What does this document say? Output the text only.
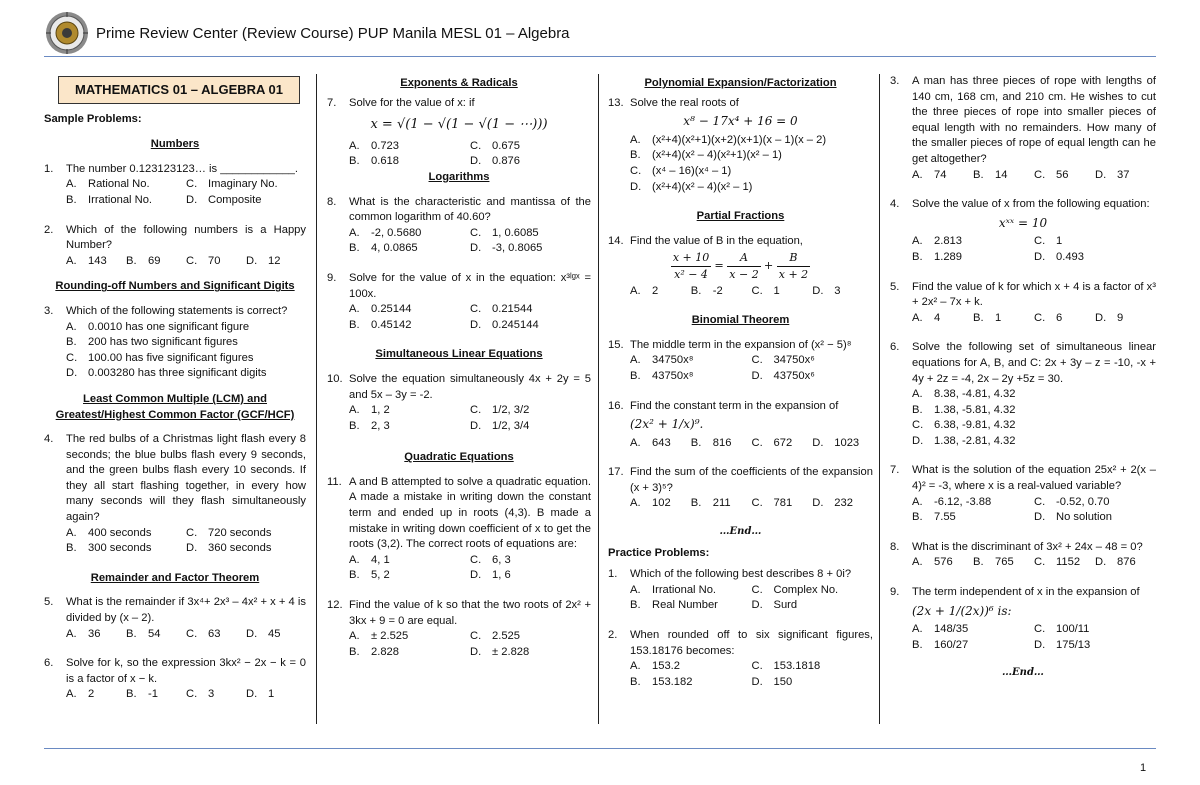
Prime Review Center (Review Course) PUP Manila MESL 01 – Algebra
MATHEMATICS 01 – ALGEBRA 01
Sample Problems:
Numbers
1.	The number 0.123123123… is ____________.
A.	Rational No.	C. Imaginary No.
B.	Irrational No.	D. Composite
2.	Which of the following numbers is a Happy Number?
A.	143	B.	69	C. 70	D. 12
Rounding-off Numbers and Significant Digits
3.	Which of the following statements is correct?
A.	0.0010 has one significant figure
B.	200 has two significant figures
C. 100.00 has five significant figures
D. 0.003280 has three significant digits
Least Common Multiple (LCM) and
Greatest/Highest Common Factor (GCF/HCF)
4.	The red bulbs of a Christmas light flash every 8 seconds; the blue bulbs flash every 9 seconds, and the green bulbs flash every 10 seconds. If they all start flashing together, in every how many seconds will they flash simultaneously again?
A.	400 seconds	C. 720 seconds
B.	300 seconds	D. 360 seconds
Remainder and Factor Theorem
5.	What is the remainder if 3x⁴+ 2x³ – 4x² + x + 4 is divided by (x – 2).
A.	36	B.	54	C. 63	D. 45
6.	Solve for k, so the expression 3kx² − 2x − k = 0 is a factor of x − k.
A.	2	B.	-1	C. 3	D. 1
Exponents & Radicals
7.	Solve for the value of x: if
x = √(1 − √(1 − √(1 − ⋯)))
A.	0.723	C. 0.675
B.	0.618	D. 0.876
Logarithms
8.	What is the characteristic and mantissa of the common logarithm of 40.60?
A.	-2, 0.5680	C. 1, 0.6085
B.	4, 0.0865	D. -3, 0.8065
9.	Solve for the value of x in the equation: x³ˡᵍˣ = 100x.
A.	0.25144	C. 0.21544
B.	0.45142	D. 0.245144
Simultaneous Linear Equations
10. Solve the equation simultaneously 4x + 2y = 5 and 5x – 3y = -2.
A.	1, 2	C. 1/2, 3/2
B.	2, 3	D. 1/2, 3/4
Quadratic Equations
11. A and B attempted to solve a quadratic equation. A made a mistake in writing down the constant term and ended up in roots (4,3). B made a mistake in writing down coefficient of x to get the roots (3,2). The correct roots of equations are:
A.	4, 1	C. 6, 3
B.	5, 2	D. 1, 6
12. Find the value of k so that the two roots of 2x² + 3kx + 9 = 0 are equal.
A.	± 2.525	C. 2.525
B.	2.828	D. ± 2.828
Polynomial Expansion/Factorization
13. Solve the real roots of
x⁸ − 17x⁴ + 16 = 0
A.	(x²+4)(x²+1)(x+2)(x+1)(x – 1)(x – 2)
B.	(x²+4)(x² – 4)(x²+1)(x² – 1)
C. (x⁴ – 16)(x⁴ – 1)
D. (x²+4)(x² – 4)(x² – 1)
Partial Fractions
14. Find the value of B in the equation,
$\frac{x + 10}{\text{x² − 4}} = \frac{A}{x - 2} + \frac{B}{x + 2}$
A.	2	B.	-2	C. 1	D. 3
Binomial Theorem
15. The middle term in the expansion of (x² − 5)⁸
A.	34750x⁸	C. 34750x⁶
B.	43750x⁸	D. 43750x⁶
16. Find the constant term in the expansion of
(2x² + 1/x)⁹.
A.	643	B.	816	C. 672	D. 1023
17. Find the sum of the coefficients of the expansion (x + 3)⁵?
A.	102	B.	211	C. 781	D. 232
…End…
Practice Problems:
1.	Which of the following best describes 8 + 0i?
A.	Irrational No.	C. Complex No.
B.	Real Number	D. Surd
2.	When rounded off to six significant figures, 153.18176 becomes:
A.	153.2	C. 153.1818
B.	153.182	D. 150
3.	A man has three pieces of rope with lengths of 140 cm, 168 cm, and 210 cm. He wishes to cut the three pieces of rope into smaller pieces of equal length with no remainders. How many of the smaller pieces of rope of equal length can he get altogether?
A.	74	B.	14	C. 56	D. 37
4.	Solve the value of x from the following equation:
xˣˣ = 10
A.	2.813	C. 1
B.	1.289	D. 0.493
5.	Find the value of k for which x + 4 is a factor of x³ + 2x² – 7x + k.
A.	4	B.	1	C. 6	D. 9
6.	Solve the following set of simultaneous linear equations for A, B, and C: 2x + 3y – z = -10, -x + 4y + 2z = -4, 2x – 2y +5z = 30.
A.	8.38, -4.81, 4.32
B.	1.38, -5.81, 4.32
C. 6.38, -9.81, 4.32
D. 1.38, -2.81, 4.32
7.	What is the solution of the equation 25x² + 2(x – 4)² = -3, where x is a real-valued variable?
A.	-6.12, -3.88	C. -0.52, 0.70
B.	7.55	D. No solution
8.	What is the discriminant of 3x² + 24x – 48 = 0?
A.	576	B.	765	C. 1152	D. 876
9.	The term independent of x in the expansion of
(2x + 1/(2x))⁶ is:
A.	148/35	C. 100/11
B.	160/27	D. 175/13
…End…
1
